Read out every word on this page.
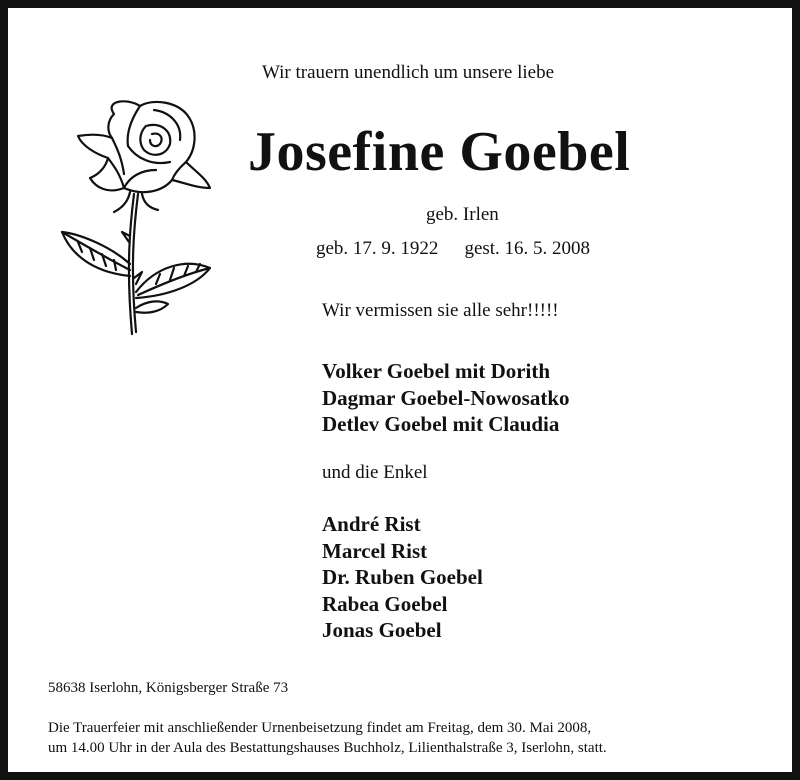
Wir trauern unendlich um unsere liebe
Josefine Goebel
geb. Irlen
geb. 17. 9. 1922 gest. 16. 5. 2008
Wir vermissen sie alle sehr!!!!!
Volker Goebel mit Dorith
Dagmar Goebel-Nowosatko
Detlev Goebel mit Claudia
und die Enkel
André Rist
Marcel Rist
Dr. Ruben Goebel
Rabea Goebel
Jonas Goebel
58638 Iserlohn, Königsberger Straße 73
Die Trauerfeier mit anschließender Urnenbeisetzung findet am Freitag, dem 30. Mai 2008,
um 14.00 Uhr in der Aula des Bestattungshauses Buchholz, Lilienthalstraße 3, Iserlohn, statt.
